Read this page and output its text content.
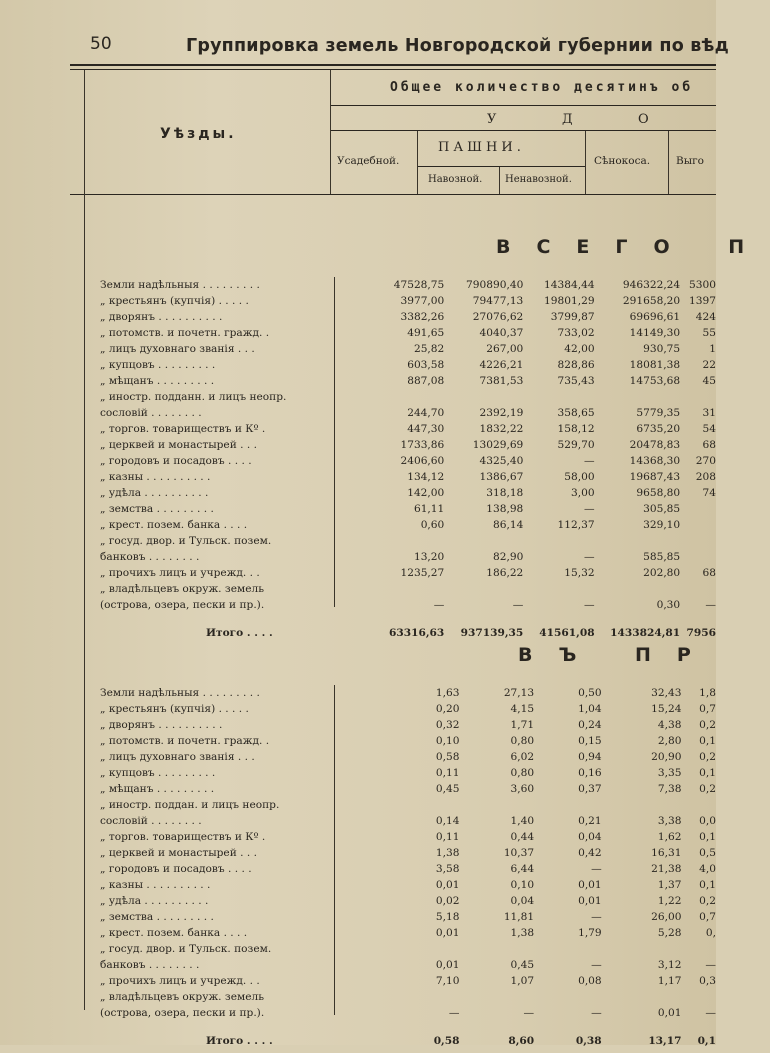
50	Группировка земель Новгородской губернии по вѣд
Уѣзды.
Общее количество десятинъ об
У	Д	О
Усадебной.
ПАШНИ.
Навозной. Ненавозной.
Сѣнокоса. Выго
ВСЕГО П
Земли надѣльныя . . . . . . . . .	47528,75	790890,40	14384,44	946322,24	5300
„ крестьянъ (купчія) . . . . .	3977,00	79477,13	19801,29	291658,20	1397
„ дворянъ . . . . . . . . . .	3382,26	27076,62	3799,87	69696,61	424
„ потомств. и почетн. гражд. .	491,65	4040,37	733,02	14149,30	55
„ лицъ духовнаго званія . . .	25,82	267,00	42,00	930,75	1
„ купцовъ . . . . . . . . .	603,58	4226,21	828,86	18081,38	22
„ мѣщанъ . . . . . . . . .	887,08	7381,53	735,43	14753,68	45
„ иностр. подданн. и лицъ неопр.					
сословій . . . . . . . .	244,70	2392,19	358,65	5779,35	31
„ торгов. товариществъ и Кº .	447,30	1832,22	158,12	6735,20	54
„ церквей и монастырей . . .	1733,86	13029,69	529,70	20478,83	68
„ городовъ и посадовъ . . . .	2406,60	4325,40	—	14368,30	270
„ казны . . . . . . . . . .	134,12	1386,67	58,00	19687,43	208
„ удѣла . . . . . . . . . .	142,00	318,18	3,00	9658,80	74
„ земства . . . . . . . . .	61,11	138,98	—	305,85	
„ крест. позем. банка . . . .	0,60	86,14	112,37	329,10	
„ госуд. двор. и Тульск. позем.					
банковъ . . . . . . . .	13,20	82,90	—	585,85	
„ прочихъ лицъ и учрежд. . .	1235,27	186,22	15,32	202,80	68
„ владѣльцевъ окруж. земель					
(острова, озера, пески и пр.).	—	—	—	0,30	—

Итого . . . .	63316,63	937139,35	41561,08	1433824,81	7956
ВЪ ПР
Земли надѣльныя . . . . . . . . .	1,63	27,13	0,50	32,43	1,8
„ крестьянъ (купчія) . . . . .	0,20	4,15	1,04	15,24	0,7
„ дворянъ . . . . . . . . . .	0,32	1,71	0,24	4,38	0,2
„ потомств. и почетн. гражд. .	0,10	0,80	0,15	2,80	0,1
„ лицъ духовнаго званія . . .	0,58	6,02	0,94	20,90	0,2
„ купцовъ . . . . . . . . .	0,11	0,80	0,16	3,35	0,1
„ мѣщанъ . . . . . . . . .	0,45	3,60	0,37	7,38	0,2
„ иностр. поддан. и лицъ неопр.					
сословій . . . . . . . .	0,14	1,40	0,21	3,38	0,0
„ торгов. товариществъ и Кº .	0,11	0,44	0,04	1,62	0,1
„ церквей и монастырей . . .	1,38	10,37	0,42	16,31	0,5
„ городовъ и посадовъ . . . .	3,58	6,44	—	21,38	4,0
„ казны . . . . . . . . . .	0,01	0,10	0,01	1,37	0,1
„ удѣла . . . . . . . . . .	0,02	0,04	0,01	1,22	0,2
„ земства . . . . . . . . .	5,18	11,81	—	26,00	0,7
„ крест. позем. банка . . . .	0,01	1,38	1,79	5,28	0,
„ госуд. двор. и Тульск. позем.					
банковъ . . . . . . . .	0,01	0,45	—	3,12	—
„ прочихъ лицъ и учрежд. . .	7,10	1,07	0,08	1,17	0,3
„ владѣльцевъ окруж. земель					
(острова, озера, пески и пр.).	—	—	—	0,01	—

Итого . . . .	0,58	8,60	0,38	13,17	0,1
